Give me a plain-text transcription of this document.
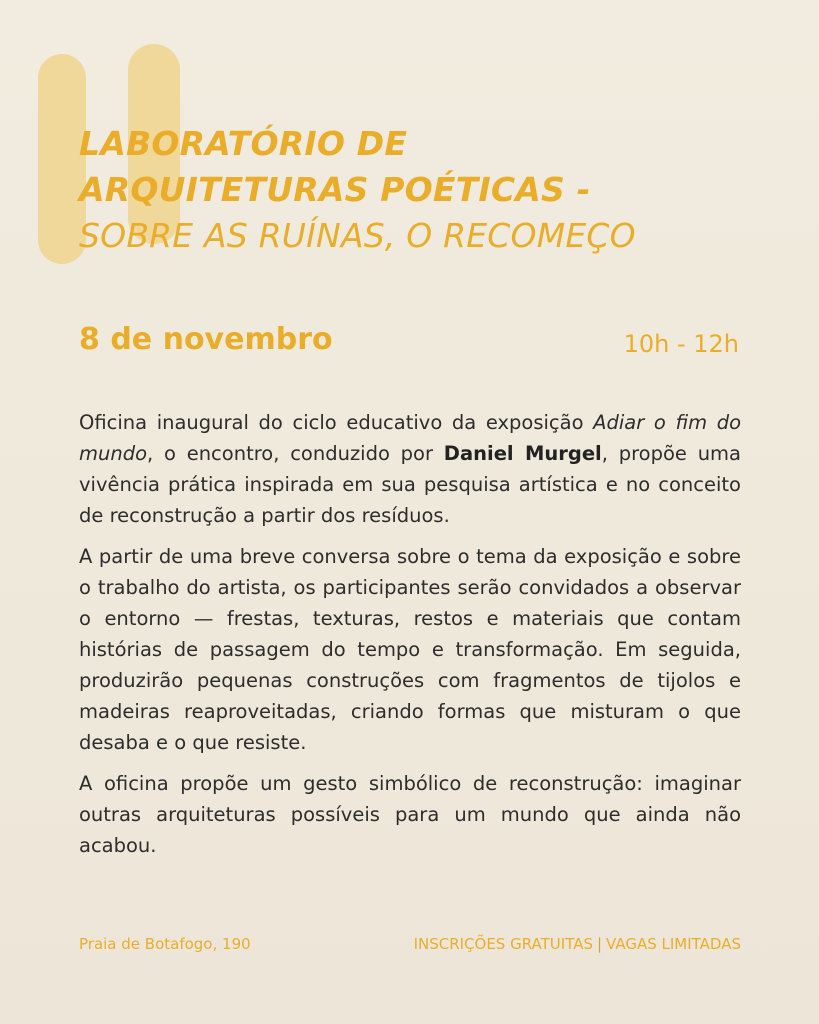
LABORATÓRIO DE
ARQUITETURAS POÉTICAS -
SOBRE AS RUÍNAS, O RECOMEÇO
8 de novembro	10h - 12h

Oficina inaugural do ciclo educativo da exposição Adiar o fim do mundo, o encontro, conduzido por Daniel Murgel, propõe uma vivência prática inspirada em sua pesquisa artística e no conceito de reconstrução a partir dos resíduos.

A partir de uma breve conversa sobre o tema da exposição e sobre o trabalho do artista, os participantes serão convidados a observar o entorno — frestas, texturas, restos e materiais que contam histórias de passagem do tempo e transformação. Em seguida, produzirão pequenas construções com fragmentos de tijolos e madeiras reaproveitadas, criando formas que misturam o que desaba e o que resiste.

A oficina propõe um gesto simbólico de reconstrução: imaginar outras arquiteturas possíveis para um mundo que ainda não acabou.

Praia de Botafogo, 190	INSCRIÇÕES GRATUITAS | VAGAS LIMITADAS
